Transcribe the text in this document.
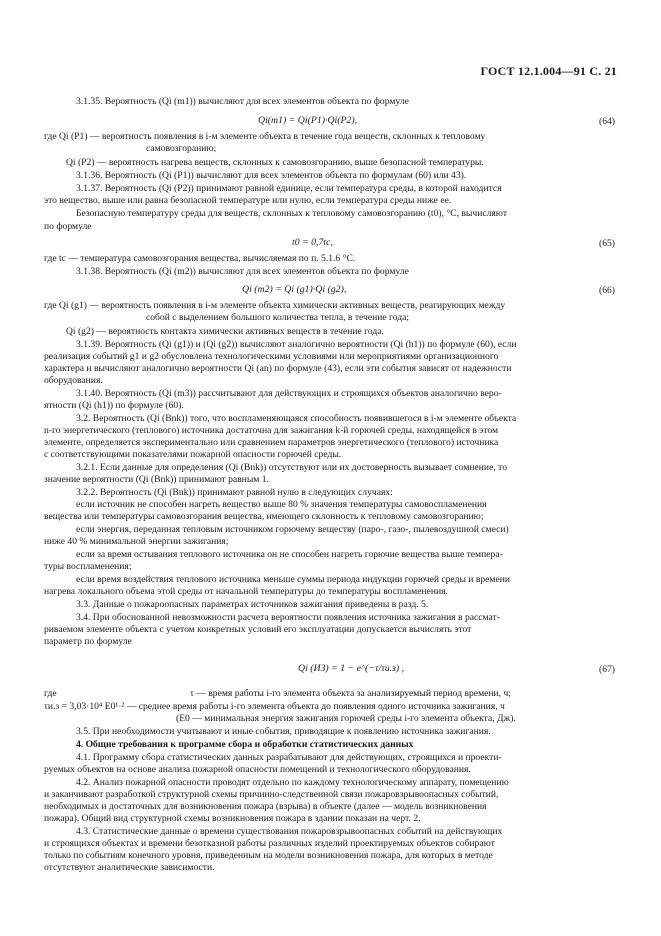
ГОСТ 12.1.004—91 С. 21
3.1.35. Вероятность (Qi (m1)) вычисляют для всех элементов объекта по формуле
Qi(m1) = Qi(P1)·Qi(P2),	(64)
где Qi (P1) — вероятность появления в i-м элементе объекта в течение года веществ, склонных к тепловому
самовозгоранию;
Qi (P2) — вероятность нагрева веществ, склонных к самовозгоранию, выше безопасной температуры.
3.1.36. Вероятность (Qi (P1)) вычисляют для всех элементов объекта по формулам (60) или 43).
3.1.37. Вероятность (Qi (P2)) принимают равной единице, если температура среды, в которой находится
это вещество, выше или равна безопасной температуре или нулю, если температура среды ниже ее.
Безопасную температуру среды для веществ, склонных к тепловому самовозгоранию (t0), °С, вычисляют
по формуле
t0 = 0,7tc,	(65)
где tc — температура самовозгорания вещества, вычисляемая по п. 5.1.6 °С.
3.1.38. Вероятность (Qi (m2)) вычисляют для всех элементов объекта по формуле
Qi (m2) = Qi (g1)·Qi (g2),	(66)
где Qi (g1) — вероятность появления в i-м элементе объекта химически активных веществ, реагирующих между
собой с выделением большого количества тепла, в течение года;
Qi (g2) — вероятность контакта химически активных веществ в течение года.
3.1.39. Вероятность (Qi (g1)) и (Qi (g2)) вычисляют аналогично вероятности (Qi (h1)) по формуле (60), если
реализация событий g1 и g2 обусловлена технологическими условиями или мероприятиями организационного
характера и вычисляют аналогично вероятности Qi (an) по формуле (43), если эти события зависят от надежности
оборудования.
3.1.40. Вероятность (Qi (m3)) рассчитывают для действующих и строящихся объектов аналогично веро-
ятности (Qi (h1)) по формуле (60).
3.2. Вероятность (Qi (Bnk)) того, что воспламеняющаяся способность появившегося в i-м элементе объекта
n-го энергетического (теплового) источника достаточна для зажигания k-й горючей среды, находящейся в этом
элементе, определяется экспериментально или сравнением параметров энергетического (теплового) источника
с соответствующими показателями пожарной опасности горючей среды.
3.2.1. Если данные для определения (Qi (Bnk)) отсутствуют или их достоверность вызывает сомнение, то
значение вероятности (Qi (Bnk)) принимают равным 1.
3.2.2. Вероятность (Qi (Bnk)) принимают равной нулю в следующих случаях:
если источник не способен нагреть вещество выше 80 % значения температуры самовоспламенения
вещества или температуры самовозгорания вещества, имеющего склонность к тепловому самовозгоранию;
если энергия, переданная тепловым источником горючему веществу (паро-, газо-, пылевоздушной смеси)
ниже 40 % минимальной энергии зажигания;
если за время остывания теплового источника он не способен нагреть горючие вещества выше темпера-
туры воспламенения;
если время воздействия теплового источника меньше суммы периода индукции горючей среды и времени
нагрева локального объема этой среды от начальной температуры до температуры воспламенения.
3.3. Данные о пожароопасных параметрах источников зажигания приведены в разд. 5.
3.4. При обоснованной невозможности расчета вероятности появления источника зажигания в рассмат-
риваемом элементе объекта с учетом конкретных условий его эксплуатации допускается вычислять этот
параметр по формуле
Qi (ИЗ) = 1 − e^(−τ/τи.з) ,	(67)
где	τ — время работы i-го элемента объекта за анализируемый период времени, ч;
τи.з = 3,03·10⁴ E0¹·² — среднее время работы i-го элемента объекта до появления одного источника зажигания, ч
(E0 — минимальная энергия зажигания горючей среды i-го элемента объекта, Дж).
3.5. При необходимости учитывают и иные события, приводящие к появлению источника зажигания.
4. Общие требования к программе сбора и обработки статистических данных
4.1. Программу сбора статистических данных разрабатывают для действующих, строящихся и проекти-
руемых объектов на основе анализа пожарной опасности помещений и технологического оборудования.
4.2. Анализ пожарной опасности проводят отдельно по каждому технологическому аппарату, помещению
и заканчивают разработкой структурной схемы причинно-следственной связи пожаровзрывоопасных событий,
необходимых и достаточных для возникновения пожара (взрыва) в объекте (далее — модель возникновения
пожара). Общий вид структурной схемы возникновения пожара в здании показан на черт. 2.
4.3. Статистические данные о времени существования пожаровзрывоопасных событий на действующих
и строящихся объектах и времени безотказной работы различных изделий проектируемых объектов собирают
только по событиям конечного уровня, приведенным на модели возникновения пожара, для которых в методе
отсутствуют аналитические зависимости.
